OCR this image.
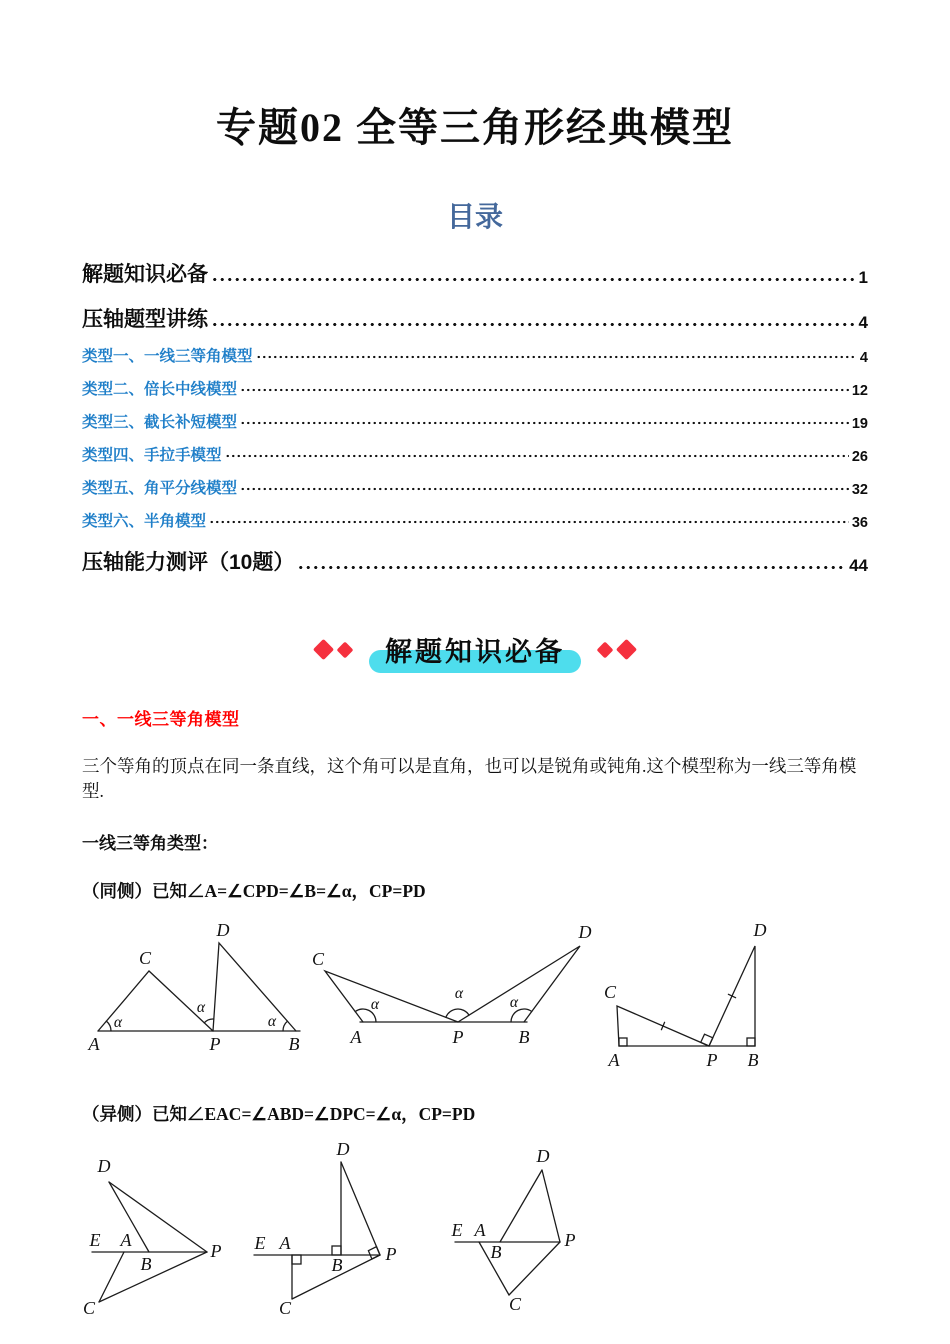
专题02 全等三角形经典模型
目录
解题知识必备	1
压轴题型讲练	4
类型一、一线三等角模型	4
类型二、倍长中线模型	12
类型三、截长补短模型	19
类型四、手拉手模型	26
类型五、角平分线模型	32
类型六、半角模型	36
压轴能力测评（10题）	44
解题知识必备
一、一线三等角模型

三个等角的顶点在同一条直线，这个角可以是直角，也可以是锐角或钝角.这个模型称为一线三等角模型.

一线三等角类型：
（同侧）已知∠A=∠CPD=∠B=∠α，CP=PD
A	P	B
C
D
α
α
α
C
A	P	B
D
α
α
α
C
A	P B
D
（异侧）已知∠EAC=∠ABD=∠DPC=∠α，CP=PD
E A
B
P
D
C
E A
B
P
D
C
E A
B
P
D
C
